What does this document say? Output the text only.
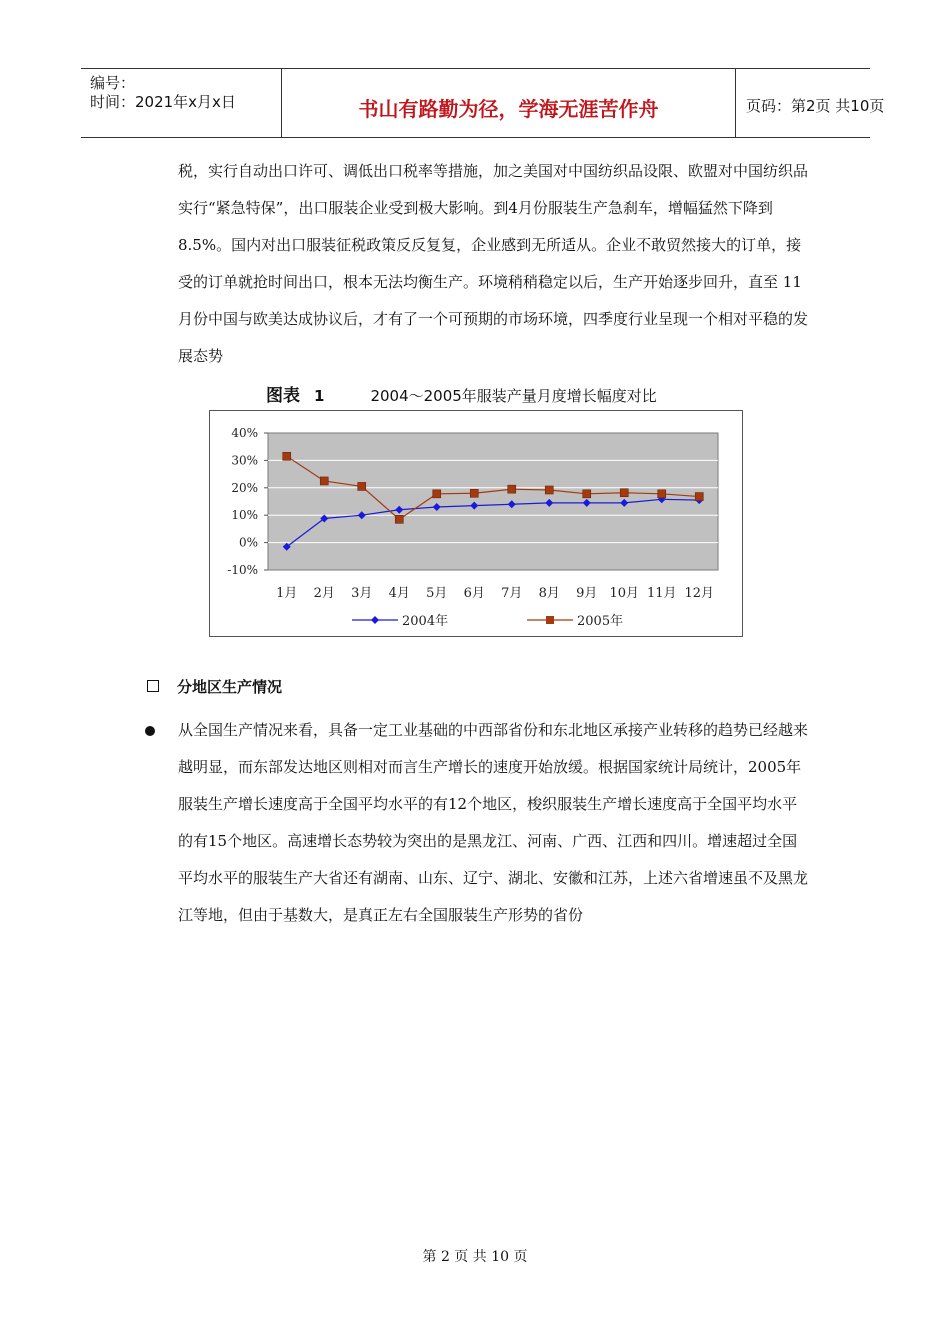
编号：
时间：2021年x月x日	书山有路勤为径，学海无涯苦作舟	页码：第2页 共10页

税，实行自动出口许可、调低出口税率等措施，加之美国对中国纺织品设限、欧盟对中国纺织品实行“紧急特保”，出口服装企业受到极大影响。到4月份服装生产急刹车，增幅猛然下降到8.5%。国内对出口服装征税政策反反复复，企业感到无所适从。企业不敢贸然接大的订单，接受的订单就抢时间出口，根本无法均衡生产。环境稍稍稳定以后，生产开始逐步回升，直至 11月份中国与欧美达成协议后，才有了一个可预期的市场环境，四季度行业呈现一个相对平稳的发展态势

图表 1	2004～2005年服装产量月度增长幅度对比
40%
30%
20%
10%
0%
-10%
1月 2月 3月 4月 5月 6月 7月 8月 9月 10月 11月 12月
2004年	2005年
分地区生产情况

从全国生产情况来看，具备一定工业基础的中西部省份和东北地区承接产业转移的趋势已经越来越明显，而东部发达地区则相对而言生产增长的速度开始放缓。根据国家统计局统计，2005年服装生产增长速度高于全国平均水平的有12个地区，梭织服装生产增长速度高于全国平均水平的有15个地区。高速增长态势较为突出的是黑龙江、河南、广西、江西和四川。增速超过全国平均水平的服装生产大省还有湖南、山东、辽宁、湖北、安徽和江苏，上述六省增速虽不及黑龙江等地，但由于基数大，是真正左右全国服装生产形势的省份

第 2 页 共 10 页
